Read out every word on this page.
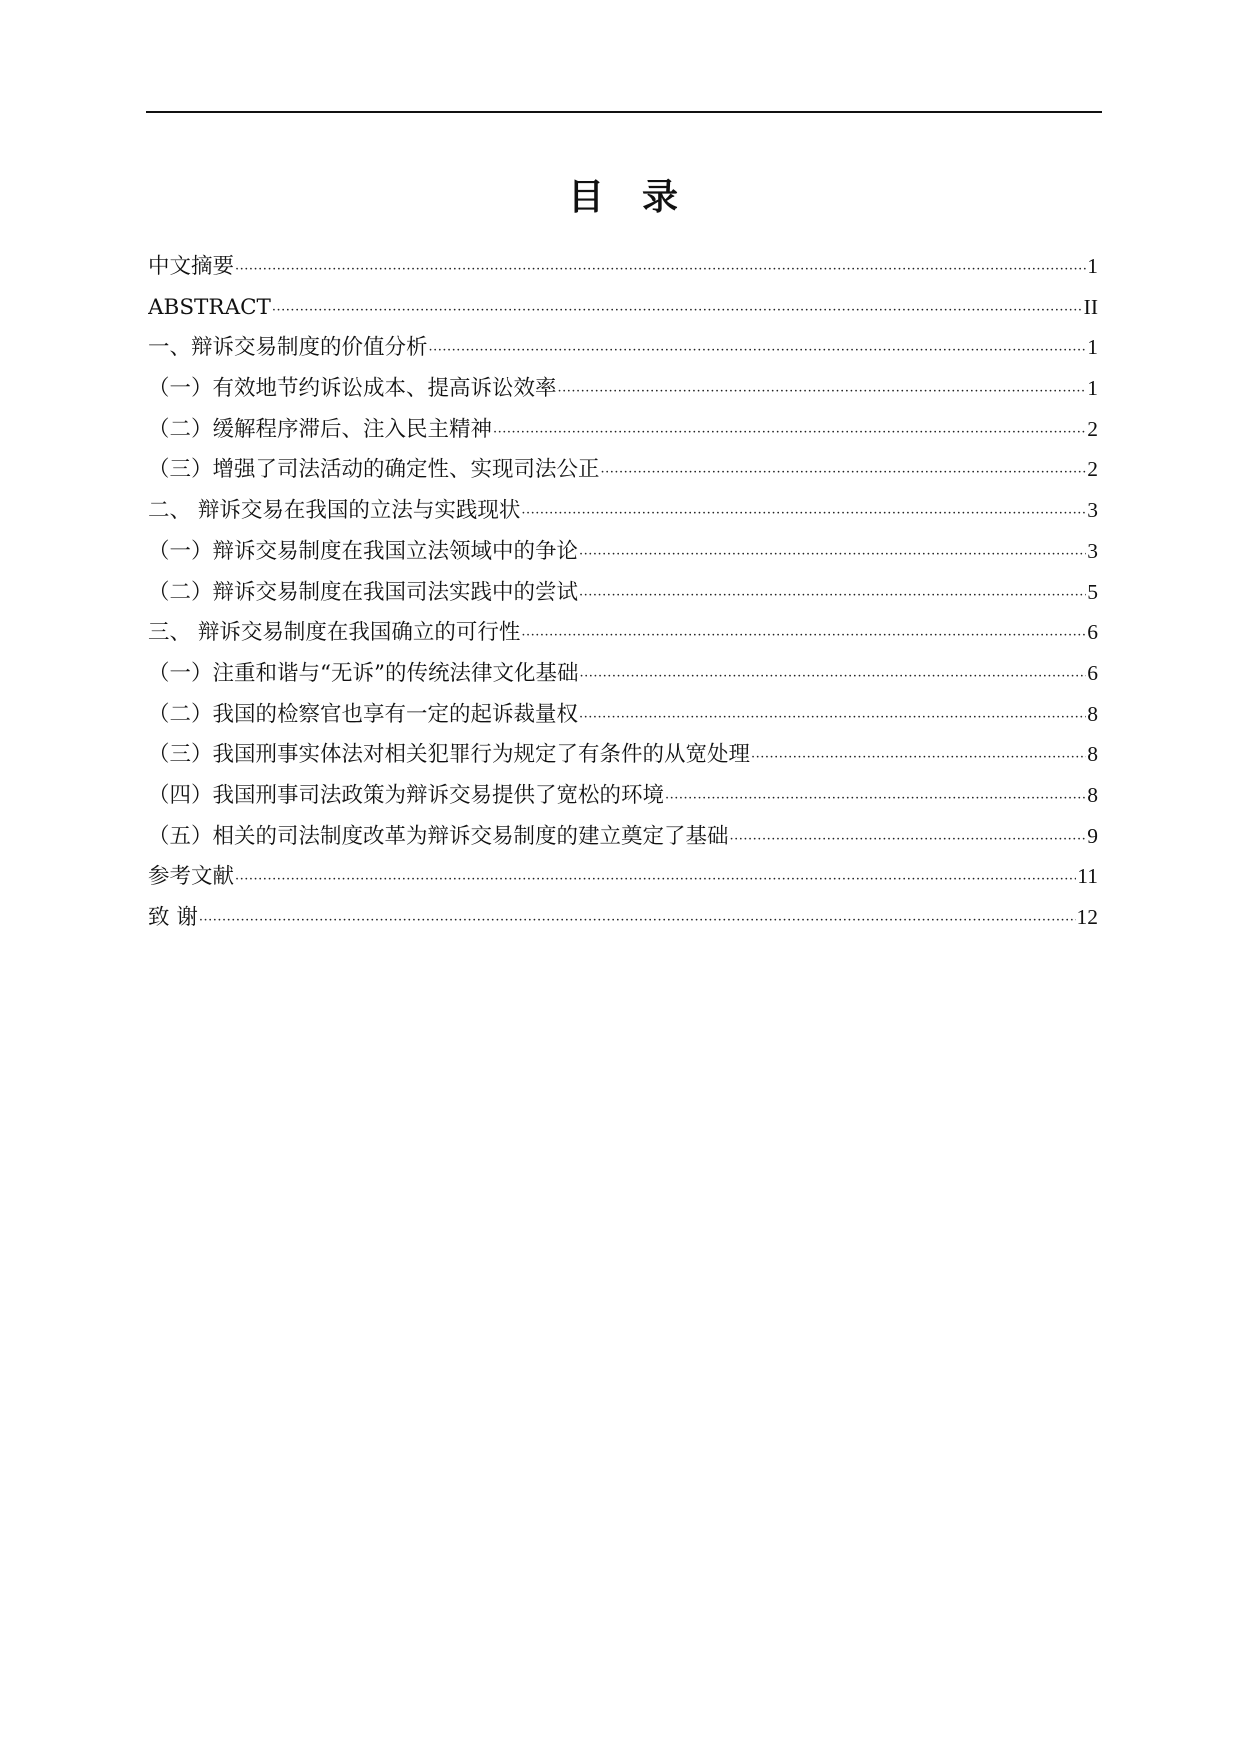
目 录
中文摘要 ·····	1
ABSTRACT ·····	II
一、辩诉交易制度的价值分析 ·····	1
（一）有效地节约诉讼成本、提高诉讼效率 ·····	1
（二）缓解程序滞后、注入民主精神 ·····	2
（三）增强了司法活动的确定性、实现司法公正 ·····	2
二、 辩诉交易在我国的立法与实践现状 ·····	3
（一）辩诉交易制度在我国立法领域中的争论 ·····	3
（二）辩诉交易制度在我国司法实践中的尝试 ·····	5
三、 辩诉交易制度在我国确立的可行性 ·····	6
（一）注重和谐与“无诉”的传统法律文化基础 ·····	6
（二）我国的检察官也享有一定的起诉裁量权 ·····	8
（三）我国刑事实体法对相关犯罪行为规定了有条件的从宽处理 ·····	8
（四）我国刑事司法政策为辩诉交易提供了宽松的环境 ·····	8
（五）相关的司法制度改革为辩诉交易制度的建立奠定了基础 ·····	9
参考文献 ·····	11
致 谢 ·····	12
